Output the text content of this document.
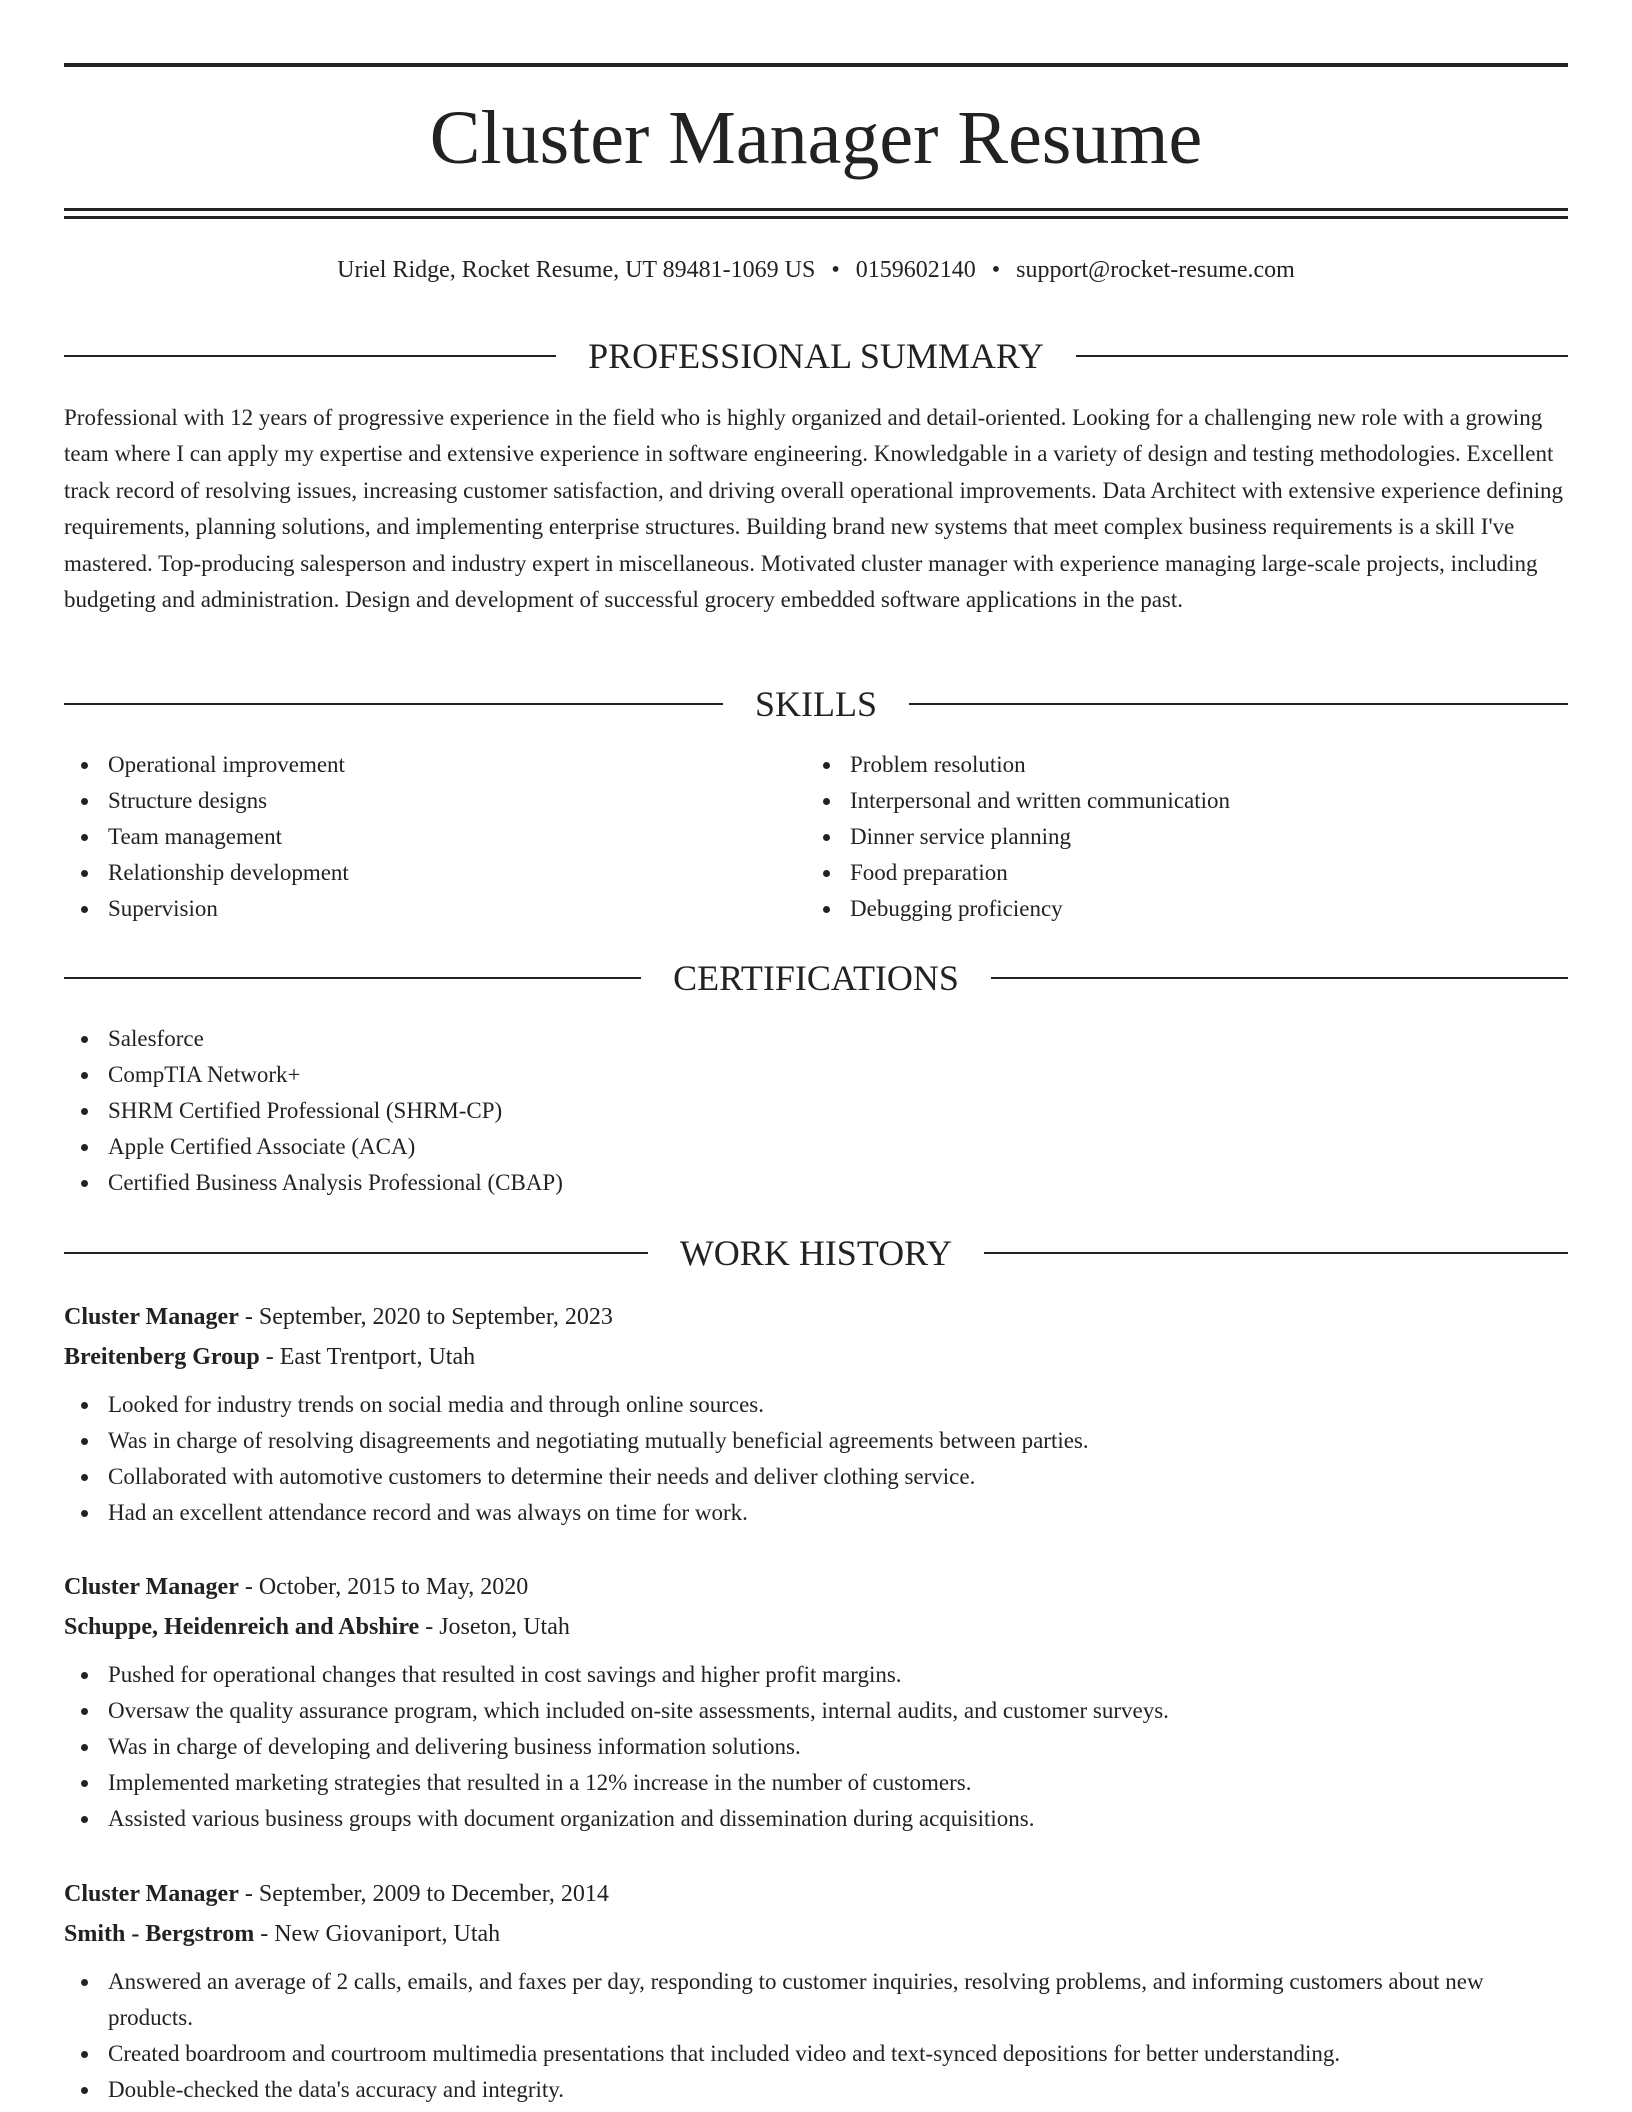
Cluster Manager Resume
Uriel Ridge, Rocket Resume, UT 89481-1069 US • 0159602140 • support@rocket-resume.com
PROFESSIONAL SUMMARY

Professional with 12 years of progressive experience in the field who is highly organized and detail-oriented. Looking for a challenging new role with a growing team where I can apply my expertise and extensive experience in software engineering. Knowledgable in a variety of design and testing methodologies. Excellent track record of resolving issues, increasing customer satisfaction, and driving overall operational improvements. Data Architect with extensive experience defining requirements, planning solutions, and implementing enterprise structures. Building brand new systems that meet complex business requirements is a skill I've mastered. Top-producing salesperson and industry expert in miscellaneous. Motivated cluster manager with experience managing large-scale projects, including budgeting and administration. Design and development of successful grocery embedded software applications in the past.

SKILLS
Operational improvement
Structure designs
Team management
Relationship development
Supervision
Problem resolution
Interpersonal and written communication
Dinner service planning
Food preparation
Debugging proficiency
CERTIFICATIONS
Salesforce
CompTIA Network+
SHRM Certified Professional (SHRM-CP)
Apple Certified Associate (ACA)
Certified Business Analysis Professional (CBAP)
WORK HISTORY
Cluster Manager - September, 2020 to September, 2023
Breitenberg Group - East Trentport, Utah
Looked for industry trends on social media and through online sources.
Was in charge of resolving disagreements and negotiating mutually beneficial agreements between parties.
Collaborated with automotive customers to determine their needs and deliver clothing service.
Had an excellent attendance record and was always on time for work.
Cluster Manager - October, 2015 to May, 2020
Schuppe, Heidenreich and Abshire - Joseton, Utah
Pushed for operational changes that resulted in cost savings and higher profit margins.
Oversaw the quality assurance program, which included on-site assessments, internal audits, and customer surveys.
Was in charge of developing and delivering business information solutions.
Implemented marketing strategies that resulted in a 12% increase in the number of customers.
Assisted various business groups with document organization and dissemination during acquisitions.
Cluster Manager - September, 2009 to December, 2014
Smith - Bergstrom - New Giovaniport, Utah
Answered an average of 2 calls, emails, and faxes per day, responding to customer inquiries, resolving problems, and informing customers about new products.
Created boardroom and courtroom multimedia presentations that included video and text-synced depositions for better understanding.
Double-checked the data's accuracy and integrity.
